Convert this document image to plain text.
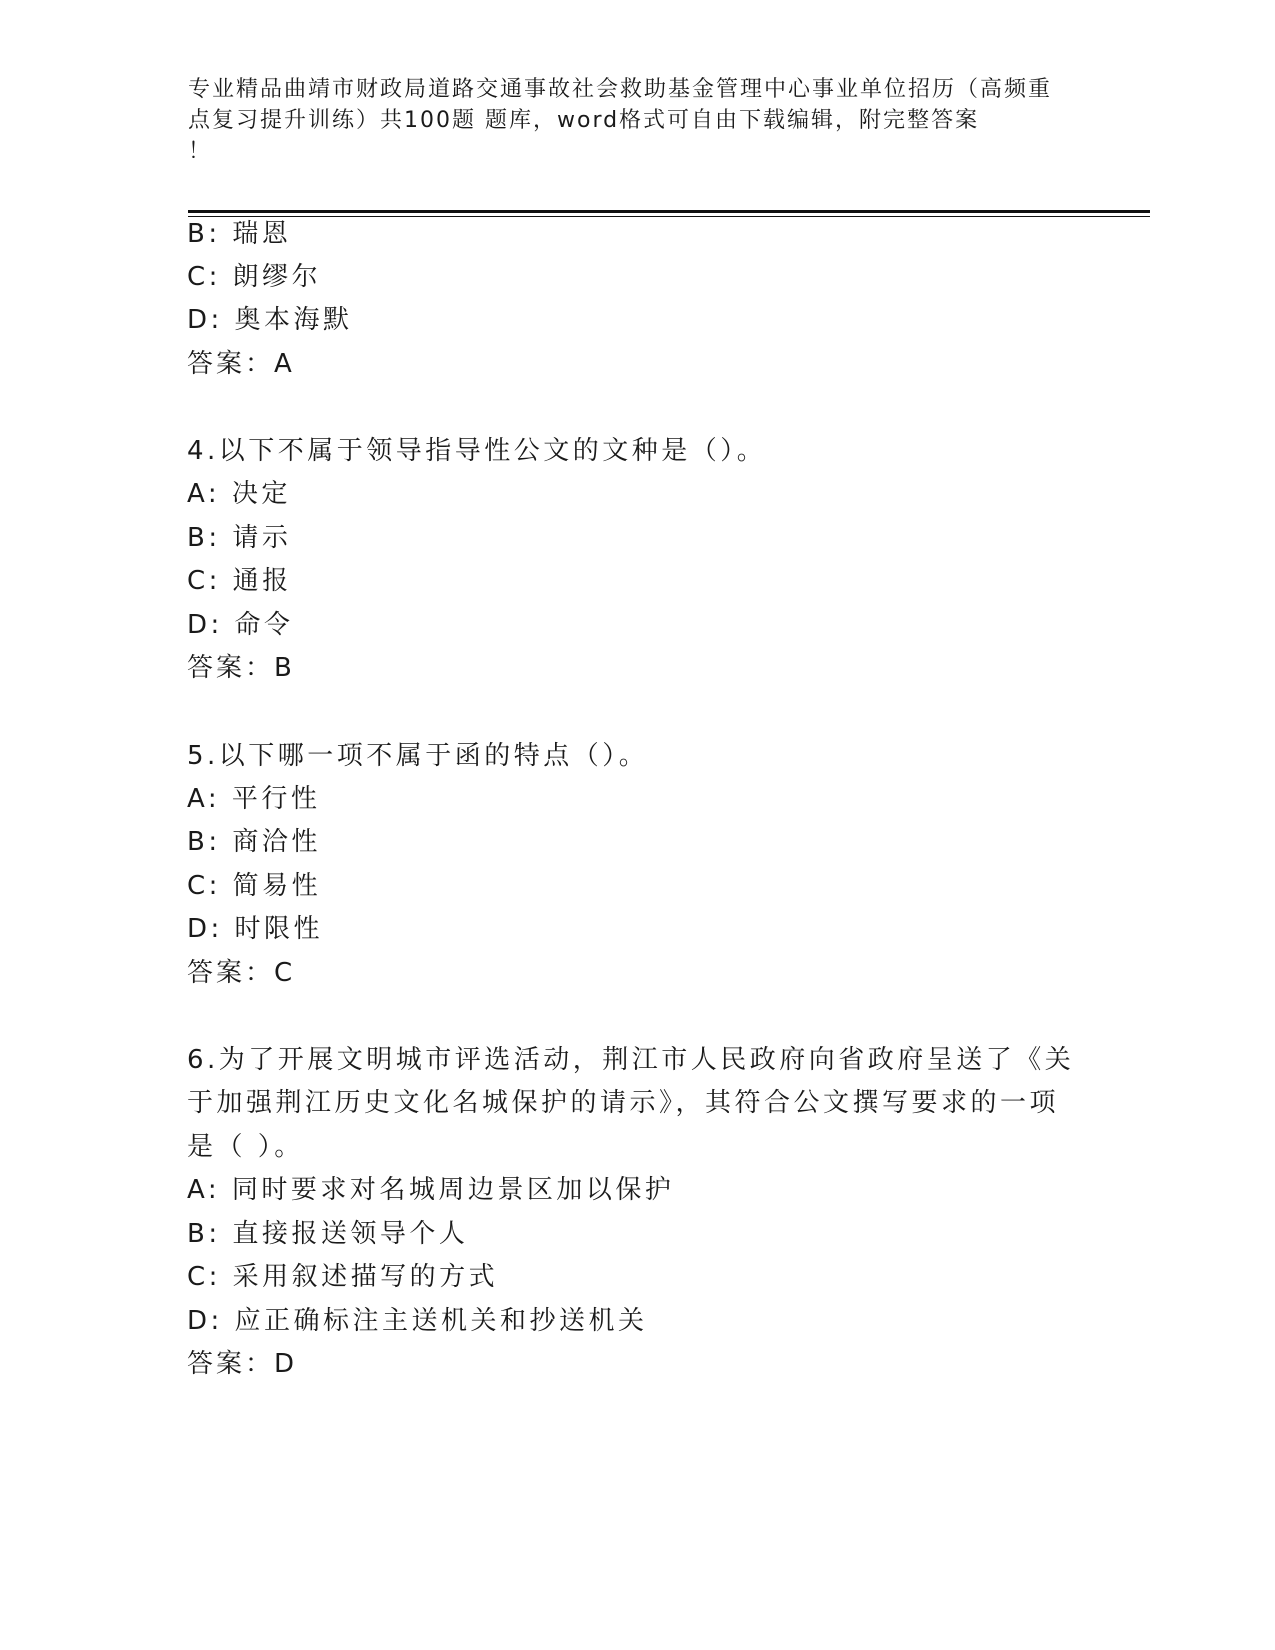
专业精品曲靖市财政局道路交通事故社会救助基金管理中心事业单位招历（高频重
点复习提升训练）共100题 题库，word格式可自由下载编辑，附完整答案
！
B: 瑞恩
C: 朗缪尔
D: 奥本海默
答案：A
4.以下不属于领导指导性公文的文种是（）。
A: 决定
B: 请示
C: 通报
D: 命令
答案：B
5.以下哪一项不属于函的特点（）。
A: 平行性
B: 商洽性
C: 简易性
D: 时限性
答案：C
6.为了开展文明城市评选活动，荆江市人民政府向省政府呈送了《关
于加强荆江历史文化名城保护的请示》，其符合公文撰写要求的一项
是（ ）。
A: 同时要求对名城周边景区加以保护
B: 直接报送领导个人
C: 采用叙述描写的方式
D: 应正确标注主送机关和抄送机关
答案：D
